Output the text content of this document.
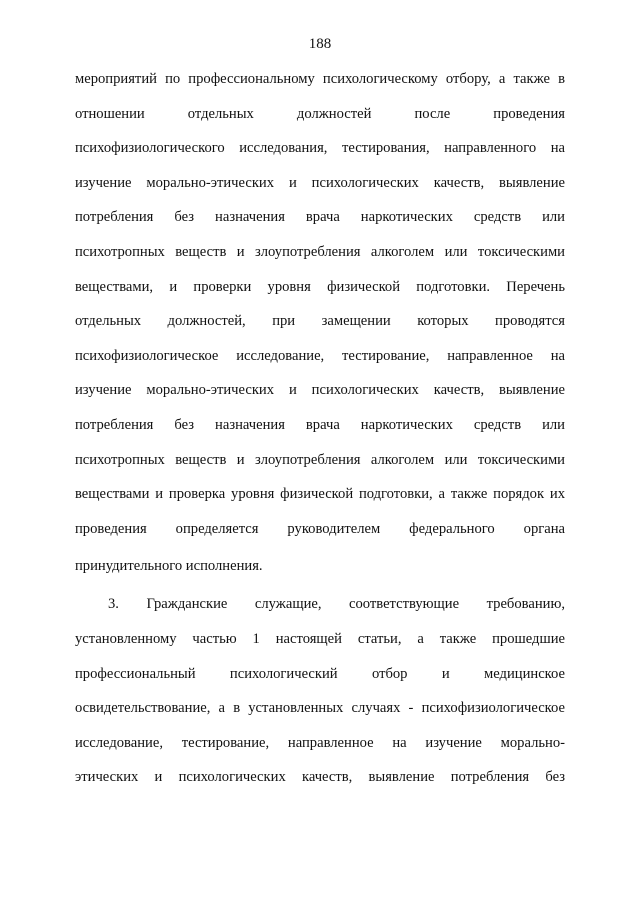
188
мероприятий по профессиональному психологическому отбору, а также в
отношении отдельных должностей после проведения
психофизиологического исследования, тестирования, направленного на
изучение морально-этических и психологических качеств, выявление
потребления без назначения врача наркотических средств или
психотропных веществ и злоупотребления алкоголем или токсическими
веществами, и проверки уровня физической подготовки. Перечень
отдельных должностей, при замещении которых проводятся
психофизиологическое исследование, тестирование, направленное на
изучение морально-этических и психологических качеств, выявление
потребления без назначения врача наркотических средств или
психотропных веществ и злоупотребления алкоголем или токсическими
веществами и проверка уровня физической подготовки, а также порядок их
проведения определяется руководителем федерального органа
принудительного исполнения.
3. Гражданские служащие, соответствующие требованию,
установленному частью 1 настоящей статьи, а также прошедшие
профессиональный психологический отбор и медицинское
освидетельствование, а в установленных случаях - психофизиологическое
исследование, тестирование, направленное на изучение морально-
этических и психологических качеств, выявление потребления без
